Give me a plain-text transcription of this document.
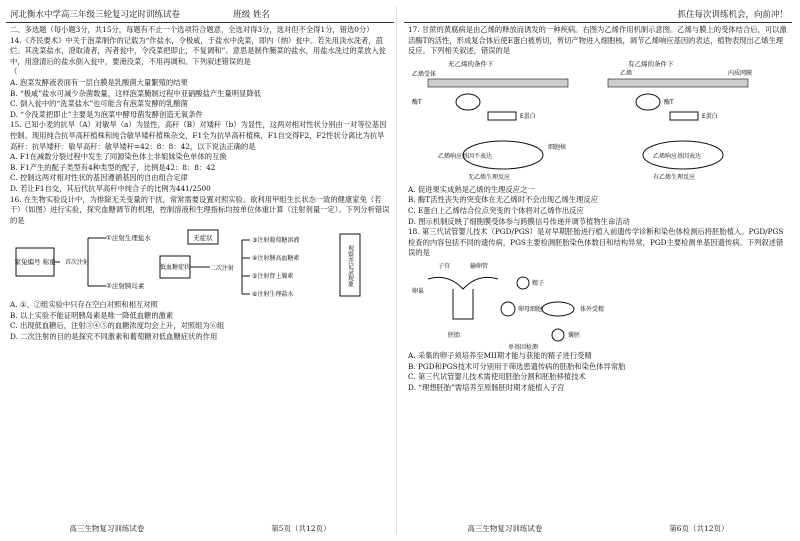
河北衡水中学高三年级三轮复习定时训练试卷	班级 姓名

二、多选题（每小题3分，共15分，每题有不止一个选项符合题意，全选对得3分，选对但不全得1分，错选0分）

14.《齐民要术》中关于泡菜制作的记载为“作盐水，令极咸，于盐水中洗菜，即内（纳）瓮中。若先用淡水洗者，菹烂。其洗菜盐水，澄取清者，泻者瓮中，令没菜把即止，不复调和”。意思是制作腌菜的盐水，用盐水洗过的菜放入瓮中，用澄清后的盐水倒入瓮中，要淹没菜，不用再调和。下列叙述错误的是

（

A. 泡菜发酵液表面有一层白膜是乳酸菌大量繁殖的结果

B. “极咸”盐水可减少杂菌数量，这样泡菜腌制过程中亚硝酸盐产生量明显降低

C. 倒入瓮中的“洗菜盐水”也可能含有泡菜发酵的乳酸菌

D. “令没菜把即止”主要是为泡菜中酵母菌发酵创造无氧条件

15. 已知小麦的抗旱（A）对敏旱（a）为显性，高秆（B）对矮秆（b）为显性，这两对相对性状分别由一对等位基因控制。现用纯合抗旱高秆植株和纯合敏旱矮秆植株杂交，F1全为抗旱高秆植株，F1自交得F2，F2性状分离比为抗旱高秆：抗旱矮秆：敏旱高秆：敏旱矮秆=42：8：8：42，以下说法正确的是

A. F1在减数分裂过程中发生了同源染色体上非姐妹染色单体的互换

B. F1产生的配子类型有4种类型的配子，比例是42：8：8：42

C. 控制这两对相对性状的基因遵循基因的自由组合定律

D. 若让F1自交，其后代抗旱高秆中纯合子的比例为441/2500

16. 在生物实验设计中，为排除无关变量的干扰，常常需要设置对照实验。欲利用甲组生长状态一致的健康家兔（若干）（如图）进行实验，探究血糖调节的机理，控制溶液和生理指标均按单位体重计算（注射剂量一定）。下列分析错误的是

家兔编号 称重 首次注射
①注射生理盐水
②注射胰岛素
无症状
低血糖症状	二次注射
③注射葡萄糖溶液
④注射胰高血糖素
⑤注射肾上腺素
⑥注射生理盐水
观察并记录现象

A. ①、②组实验中只存在空白对照和相互对照

B. 以上实验不能证明胰岛素是唯一降低血糖的激素

C. 出现低血糖后，注射③④⑤的血糖浓度均会上升，对照组为⑥组

D. 二次注射的目的是探究不同激素和葡萄糖对低血糖症状的作用

高三生物复习训练试卷	第5页（共12页）
抓住每次训练机会，向前冲！

17. 甘蔗的黄腐病是由乙烯的释放而诱发的一种疾病。右图为乙烯作用机制示意图。乙烯与膜上的受体结合后，可以激活酶T的活性，形成复合体后使E蛋白被剪切，剪切产物进入细胞核，调节乙烯响应基因的表达，植物表现出乙烯生理反应。下列相关叙述，错误的是

无乙烯的条件下	有乙烯的条件下
乙烯受体	内质网膜
酶T
E蛋白
细胞核
乙烯响应基因不表达
无乙烯生理反应
乙烯
酶T
E蛋白
乙烯响应基因表达
有乙烯生理反应

A. 促进果实成熟是乙烯的生理反应之一

B. 酶T活性丧失的突变体在无乙烯时不会出现乙烯生理反应

C. E蛋白上乙烯结合位点突变的个体将对乙烯作出反应

D. 图示机制反映了细胞膜受体参与跨膜信号传递并调节植物生命活动

18. 第三代试管婴儿技术（PGD/PGS）是对早期胚胎进行植入前遗传学诊断和染色体检测后将胚胎植入。PGD/PGS检查的内容包括不同的遗传病，PGS主要检测胚胎染色体数目和结构异常，PGD主要检测单基因遗传病。下列叙述错误的是

子宫	输卵管
卵巢
精子
卵母细胞	体外受精
囊胚
胚胎
单基因检测

A. 采集的卵子须培养至MII期才能与获能的精子进行受精

B. PGD和PGS技术可分别用于筛选患遗传病的胚胎和染色体异常胎

C. 第三代试管婴儿技术需使用胚胎分割和胚胎移植技术

D. “理想胚胎”需培养至原肠胚时期才能植入子宫

高三生物复习训练试卷	第6页（共12页）
